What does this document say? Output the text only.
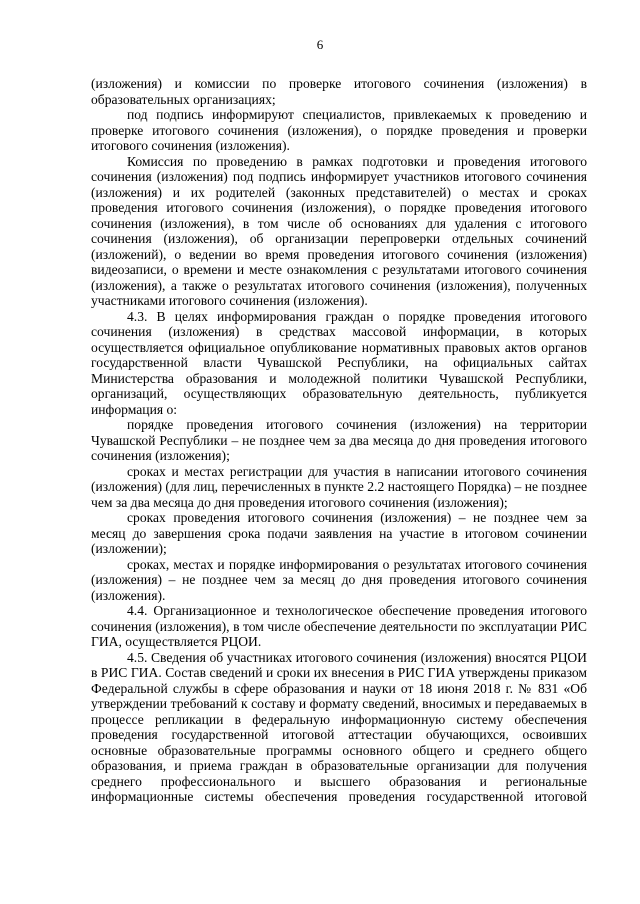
6

(изложения) и комиссии по проверке итогового сочинения (изложения) в образовательных организациях;

под подпись информируют специалистов, привлекаемых к проведению и проверке итогового сочинения (изложения), о порядке проведения и проверки итогового сочинения (изложения).

Комиссия по проведению в рамках подготовки и проведения итогового сочинения (изложения) под подпись информирует участников итогового сочинения (изложения) и их родителей (законных представителей) о местах и сроках проведения итогового сочинения (изложения), о порядке проведения итогового сочинения (изложения), в том числе об основаниях для удаления с итогового сочинения (изложения), об организации перепроверки отдельных сочинений (изложений), о ведении во время проведения итогового сочинения (изложения) видеозаписи, о времени и месте ознакомления с результатами итогового сочинения (изложения), а также о результатах итогового сочинения (изложения), полученных участниками итогового сочинения (изложения).

4.3. В целях информирования граждан о порядке проведения итогового сочинения (изложения) в средствах массовой информации, в которых осуществляется официальное опубликование нормативных правовых актов органов государственной власти Чувашской Республики, на официальных сайтах Министерства образования и молодежной политики Чувашской Республики, организаций, осуществляющих образовательную деятельность, публикуется информация о:

порядке проведения итогового сочинения (изложения) на территории Чувашской Республики – не позднее чем за два месяца до дня проведения итогового сочинения (изложения);

сроках и местах регистрации для участия в написании итогового сочинения (изложения) (для лиц, перечисленных в пункте 2.2 настоящего Порядка) – не позднее чем за два месяца до дня проведения итогового сочинения (изложения);

сроках проведения итогового сочинения (изложения) – не позднее чем за месяц до завершения срока подачи заявления на участие в итоговом сочинении (изложении);

сроках, местах и порядке информирования о результатах итогового сочинения (изложения) – не позднее чем за месяц до дня проведения итогового сочинения (изложения).

4.4. Организационное и технологическое обеспечение проведения итогового сочинения (изложения), в том числе обеспечение деятельности по эксплуатации РИС ГИА, осуществляется РЦОИ.

4.5. Сведения об участниках итогового сочинения (изложения) вносятся РЦОИ в РИС ГИА. Состав сведений и сроки их внесения в РИС ГИА утверждены приказом Федеральной службы в сфере образования и науки от 18 июня 2018 г. № 831 «Об утверждении требований к составу и формату сведений, вносимых и передаваемых в процессе репликации в федеральную информационную систему обеспечения проведения государственной итоговой аттестации обучающихся, освоивших основные образовательные программы основного общего и среднего общего образования, и приема граждан в образовательные организации для получения среднего профессионального и высшего образования и региональные информационные системы обеспечения проведения государственной итоговой
